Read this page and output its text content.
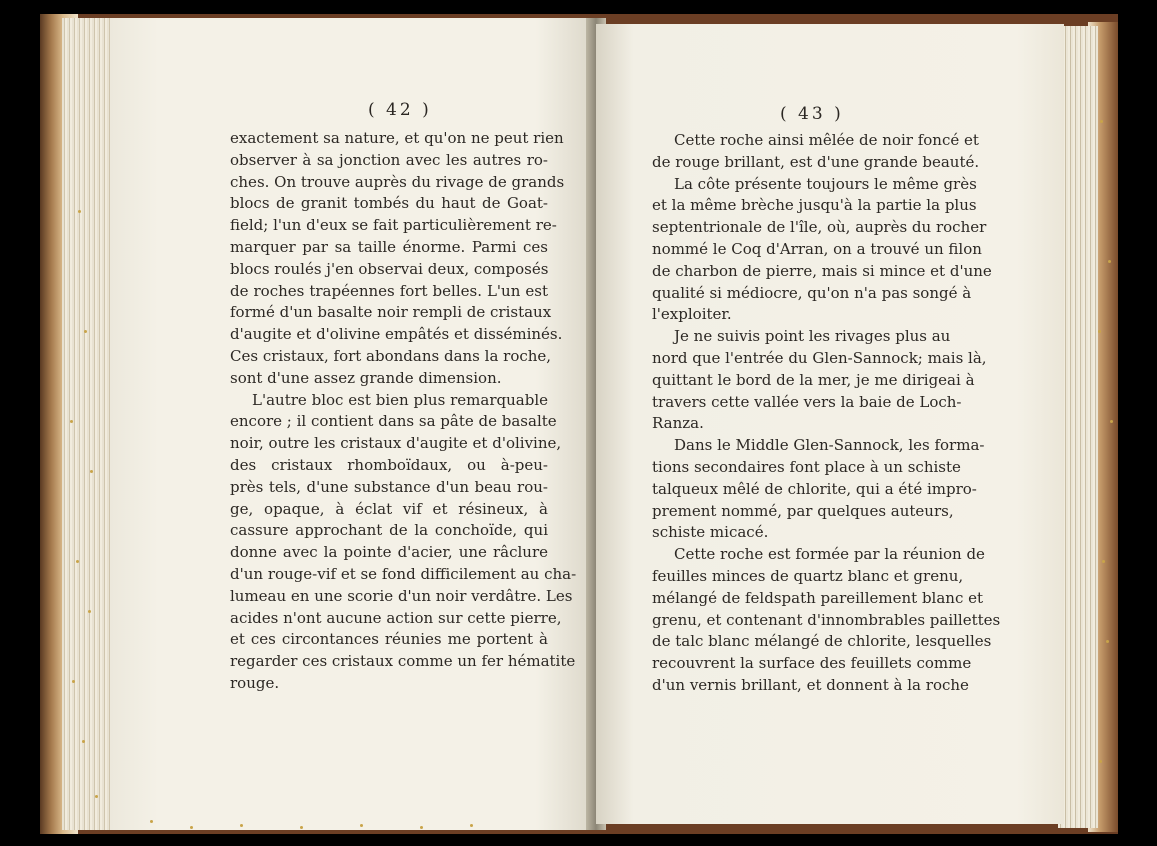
( 42 )
exactement sa nature, et qu'on ne peut rien
observer à sa jonction avec les autres ro-
ches. On trouve auprès du rivage de grands
blocs de granit tombés du haut de Goat-
field; l'un d'eux se fait particulièrement re-
marquer par sa taille énorme. Parmi ces
blocs roulés j'en observai deux, composés
de roches trapéennes fort belles. L'un est
formé d'un basalte noir rempli de cristaux
d'augite et d'olivine empâtés et disséminés.
Ces cristaux, fort abondans dans la roche,
sont d'une assez grande dimension.
L'autre bloc est bien plus remarquable
encore ; il contient dans sa pâte de basalte
noir, outre les cristaux d'augite et d'olivine,
des cristaux rhomboïdaux, ou à-peu-
près tels, d'une substance d'un beau rou-
ge, opaque, à éclat vif et résineux, à
cassure approchant de la conchoïde, qui
donne avec la pointe d'acier, une râclure
d'un rouge-vif et se fond difficilement au cha-
lumeau en une scorie d'un noir verdâtre. Les
acides n'ont aucune action sur cette pierre,
et ces circontances réunies me portent à
regarder ces cristaux comme un fer hématite
rouge.
( 43 )
Cette roche ainsi mêlée de noir foncé et
de rouge brillant, est d'une grande beauté.
La côte présente toujours le même grès
et la même brèche jusqu'à la partie la plus
septentrionale de l'île, où, auprès du rocher
nommé le Coq d'Arran, on a trouvé un filon
de charbon de pierre, mais si mince et d'une
qualité si médiocre, qu'on n'a pas songé à
l'exploiter.
Je ne suivis point les rivages plus au
nord que l'entrée du Glen-Sannock; mais là,
quittant le bord de la mer, je me dirigeai à
travers cette vallée vers la baie de Loch-
Ranza.
Dans le Middle Glen-Sannock, les forma-
tions secondaires font place à un schiste
talqueux mêlé de chlorite, qui a été impro-
prement nommé, par quelques auteurs,
schiste micacé.
Cette roche est formée par la réunion de
feuilles minces de quartz blanc et grenu,
mélangé de feldspath pareillement blanc et
grenu, et contenant d'innombrables paillettes
de talc blanc mélangé de chlorite, lesquelles
recouvrent la surface des feuillets comme
d'un vernis brillant, et donnent à la roche
